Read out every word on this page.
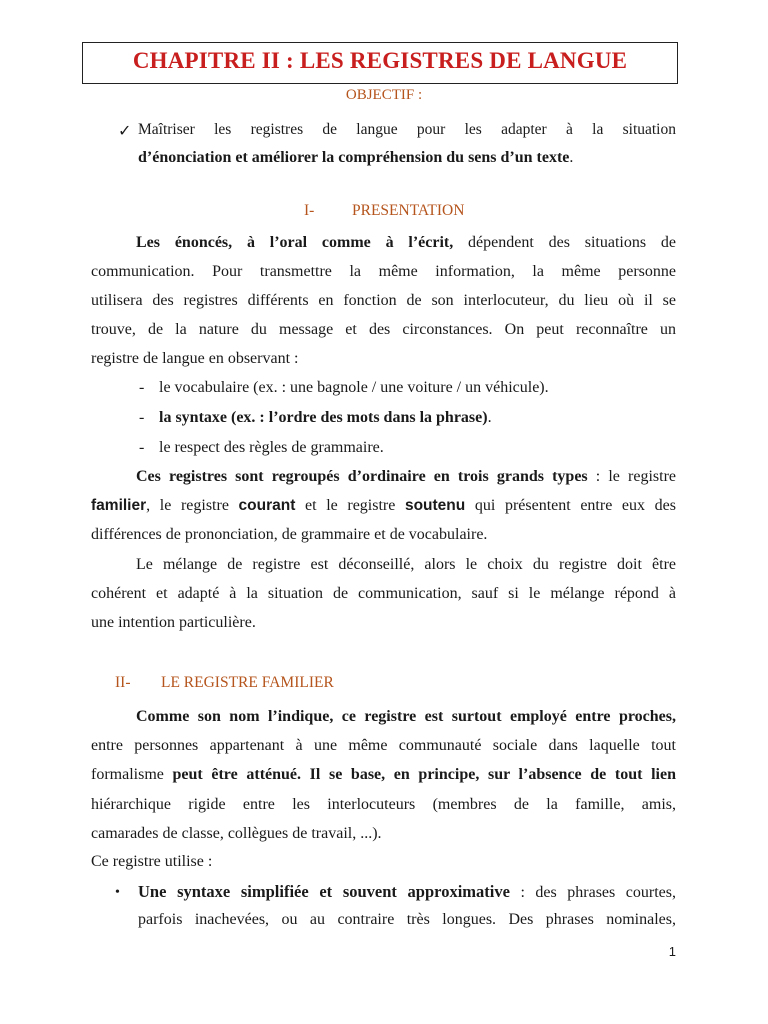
CHAPITRE II : LES REGISTRES DE LANGUE
OBJECTIF :
✓ Maîtriser les registres de langue pour les adapter à la situation
d’énonciation et améliorer la compréhension du sens d’un texte.
I- PRESENTATION
Les énoncés, à l’oral comme à l’écrit, dépendent des situations de
communication. Pour transmettre la même information, la même personne
utilisera des registres différents en fonction de son interlocuteur, du lieu où il se
trouve, de la nature du message et des circonstances. On peut reconnaître un
registre de langue en observant :
- le vocabulaire (ex. : une bagnole / une voiture / un véhicule).
- la syntaxe (ex. : l’ordre des mots dans la phrase).
- le respect des règles de grammaire.
Ces registres sont regroupés d’ordinaire en trois grands types : le registre
familier, le registre courant et le registre soutenu qui présentent entre eux des
différences de prononciation, de grammaire et de vocabulaire.
Le mélange de registre est déconseillé, alors le choix du registre doit être
cohérent et adapté à la situation de communication, sauf si le mélange répond à
une intention particulière.
II- LE REGISTRE FAMILIER
Comme son nom l’indique, ce registre est surtout employé entre proches,
entre personnes appartenant à une même communauté sociale dans laquelle tout
formalisme peut être atténué. Il se base, en principe, sur l’absence de tout lien
hiérarchique rigide entre les interlocuteurs (membres de la famille, amis,
camarades de classe, collègues de travail, ...).
Ce registre utilise :
• Une syntaxe simplifiée et souvent approximative : des phrases courtes,
parfois inachevées, ou au contraire très longues. Des phrases nominales,
1
